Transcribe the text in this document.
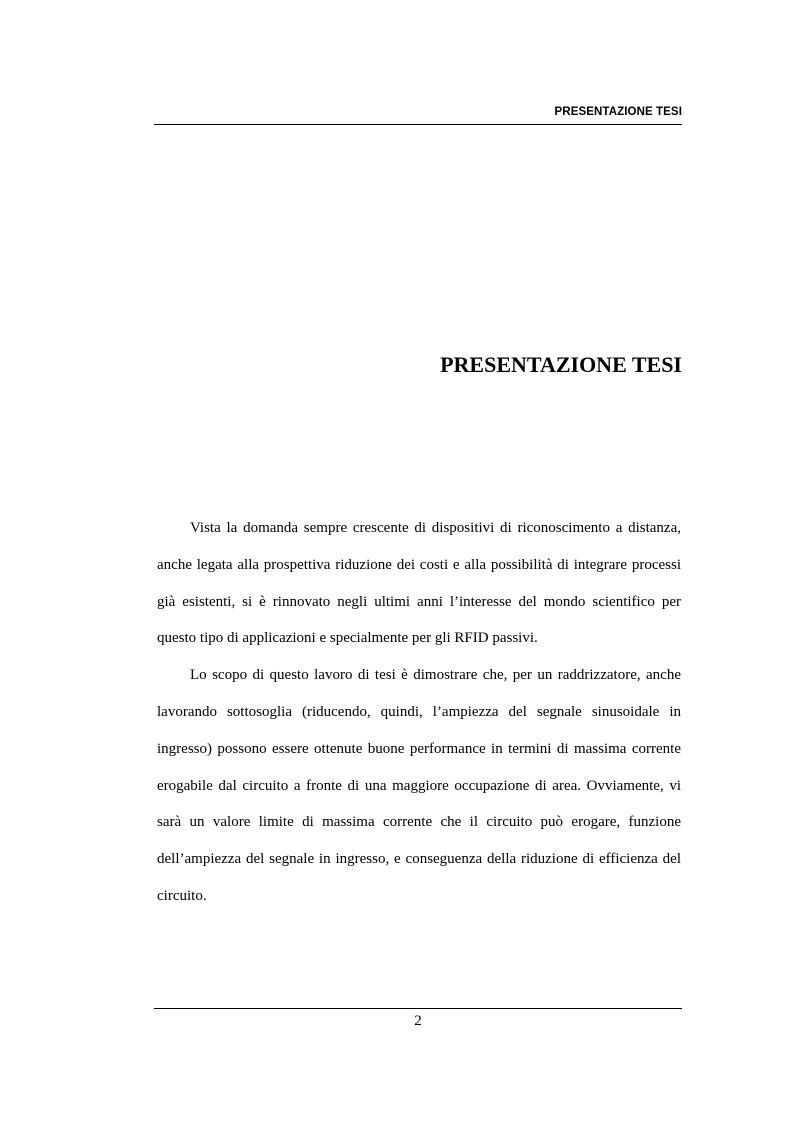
PRESENTAZIONE TESI
PRESENTAZIONE TESI

Vista la domanda sempre crescente di dispositivi di riconoscimento a distanza, anche legata alla prospettiva riduzione dei costi e alla possibilità di integrare processi già esistenti, si è rinnovato negli ultimi anni l’interesse del mondo scientifico per questo tipo di applicazioni e specialmente per gli RFID passivi.

Lo scopo di questo lavoro di tesi è dimostrare che, per un raddrizzatore, anche lavorando sottosoglia (riducendo, quindi, l’ampiezza del segnale sinusoidale in ingresso) possono essere ottenute buone performance in termini di massima corrente erogabile dal circuito a fronte di una maggiore occupazione di area. Ovviamente, vi sarà un valore limite di massima corrente che il circuito può erogare, funzione dell’ampiezza del segnale in ingresso, e conseguenza della riduzione di efficienza del circuito.

2
